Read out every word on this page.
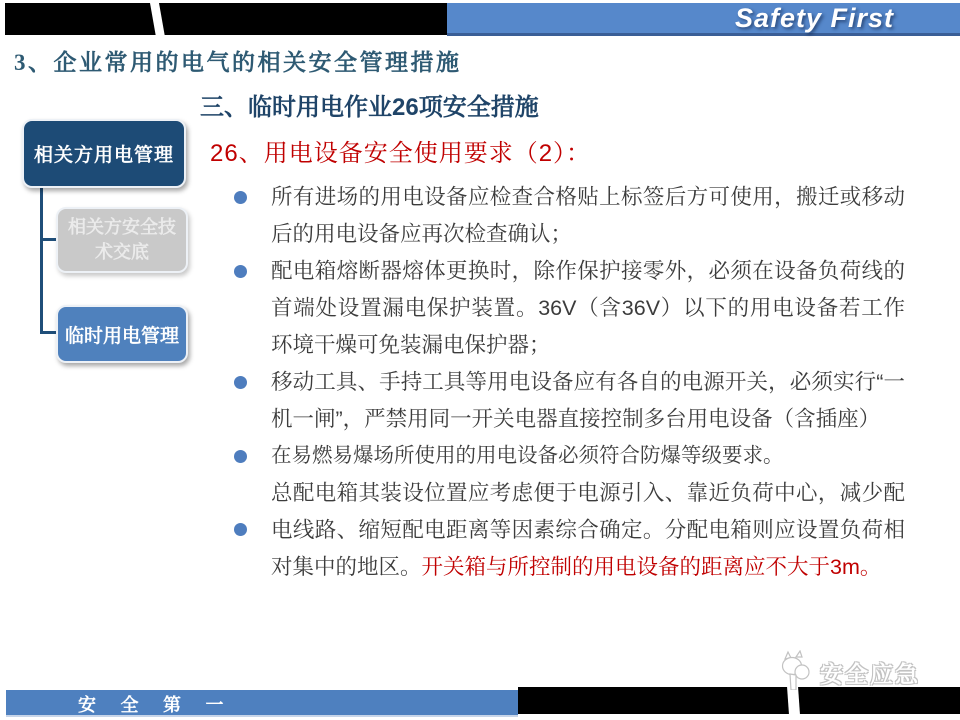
Safety First
3、企业常用的电气的相关安全管理措施
三、临时用电作业26项安全措施
26、用电设备安全使用要求（2）：
相关方用电管理
相关方安全技术交底
临时用电管理

所有进场的用电设备应检查合格贴上标签后方可使用，搬迁或移动后的用电设备应再次检查确认；

配电箱熔断器熔体更换时，除作保护接零外，必须在设备负荷线的首端处设置漏电保护装置。36V（含36V）以下的用电设备若工作环境干燥可免装漏电保护器；

移动工具、手持工具等用电设备应有各自的电源开关，必须实行“一机一闸”，严禁用同一开关电器直接控制多台用电设备（含插座）

在易燃易爆场所使用的用电设备必须符合防爆等级要求。

总配电箱其装设位置应考虑便于电源引入、靠近负荷中心，减少配电线路、缩短配电距离等因素综合确定。分配电箱则应设置负荷相对集中的地区。开关箱与所控制的用电设备的距离应不大于3m。

安 全 第 一
安全应急
